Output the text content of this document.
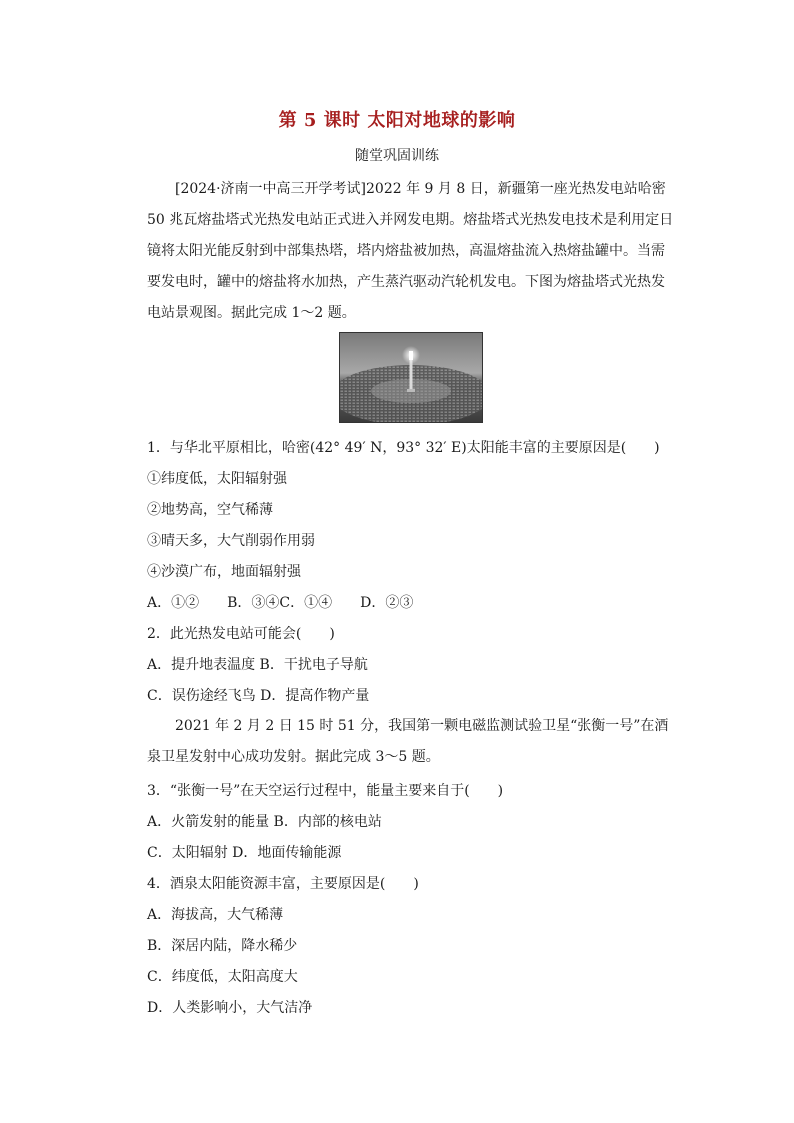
第 5 课时 太阳对地球的影响
随堂巩固训练

[2024·济南一中高三开学考试]2022 年 9 月 8 日，新疆第一座光热发电站哈密 50 兆瓦熔盐塔式光热发电站正式进入并网发电期。熔盐塔式光热发电技术是利用定日镜将太阳光能反射到中部集热塔，塔内熔盐被加热，高温熔盐流入热熔盐罐中。当需要发电时，罐中的熔盐将水加热，产生蒸汽驱动汽轮机发电。下图为熔盐塔式光热发电站景观图。据此完成 1～2 题。

1．与华北平原相比，哈密(42° 49′ N，93° 32′ E)太阳能丰富的主要原因是(　　)
①纬度低，太阳辐射强
②地势高，空气稀薄
③晴天多，大气削弱作用弱
④沙漠广布，地面辐射强
A．①②　　B．③④C．①④　　D．②③
2．此光热发电站可能会(　　)
A．提升地表温度 B．干扰电子导航
C．误伤途经飞鸟 D．提高作物产量

2021 年 2 月 2 日 15 时 51 分，我国第一颗电磁监测试验卫星“张衡一号”在酒泉卫星发射中心成功发射。据此完成 3～5 题。

3．“张衡一号”在天空运行过程中，能量主要来自于(　　)
A．火箭发射的能量 B．内部的核电站
C．太阳辐射 D．地面传输能源
4．酒泉太阳能资源丰富，主要原因是(　　)
A．海拔高，大气稀薄
B．深居内陆，降水稀少
C．纬度低，太阳高度大
D．人类影响小，大气洁净
